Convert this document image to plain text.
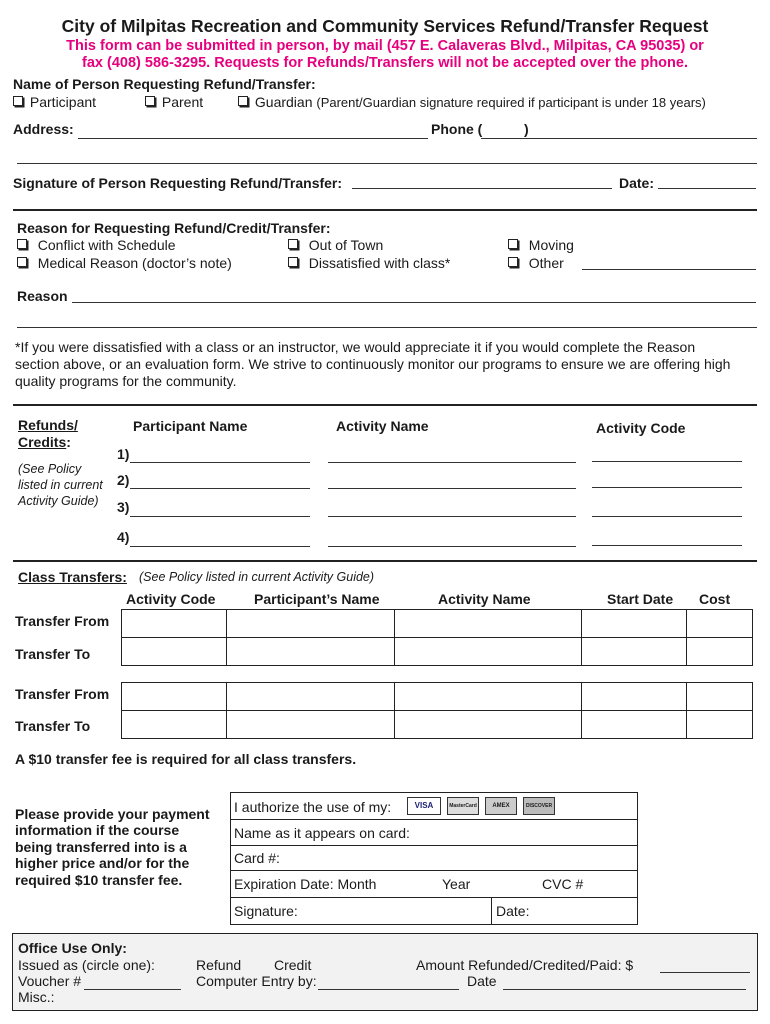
City of Milpitas Recreation and Community Services Refund/Transfer Request
This form can be submitted in person, by mail (457 E. Calaveras Blvd., Milpitas, CA 95035) or
fax (408) 586-3295. Requests for Refunds/Transfers will not be accepted over the phone.
Name of Person Requesting Refund/Transfer:
Participant	Parent	Guardian (Parent/Guardian signature required if participant is under 18 years)
Address:	Phone (	)
Signature of Person Requesting Refund/Transfer:	Date:
Reason for Requesting Refund/Credit/Transfer:
Conflict with Schedule
Medical Reason (doctor’s note)
Out of Town
Dissatisfied with class*
Moving
Other
Reason
*If you were dissatisfied with a class or an instructor, we would appreciate it if you would complete the Reason
section above, or an evaluation form. We strive to continuously monitor our programs to ensure we are offering high
quality programs for the community.
Refunds/
Credits:
(See Policy
listed in current
Activity Guide)
Participant Name	Activity Name	Activity Code
1)
2)
3)
4)
Class Transfers: (See Policy listed in current Activity Guide)
Activity Code	Participant’s Name	Activity Name	Start Date Cost
Transfer From
Transfer To

Transfer From
Transfer To

A $10 transfer fee is required for all class transfers.
Please provide your payment
information if the course
being transferred into is a
higher price and/or for the
required $10 transfer fee.
I authorize the use of my:	VISA	MasterCard	AMEX	DISCOVER
Name as it appears on card:
Card #:
Expiration Date: Month	Year	CVC #
Signature:	Date:
Office Use Only:
Issued as (circle one):	Refund Credit	Amount Refunded/Credited/Paid: $
Voucher #	Computer Entry by:	Date
Misc.:
